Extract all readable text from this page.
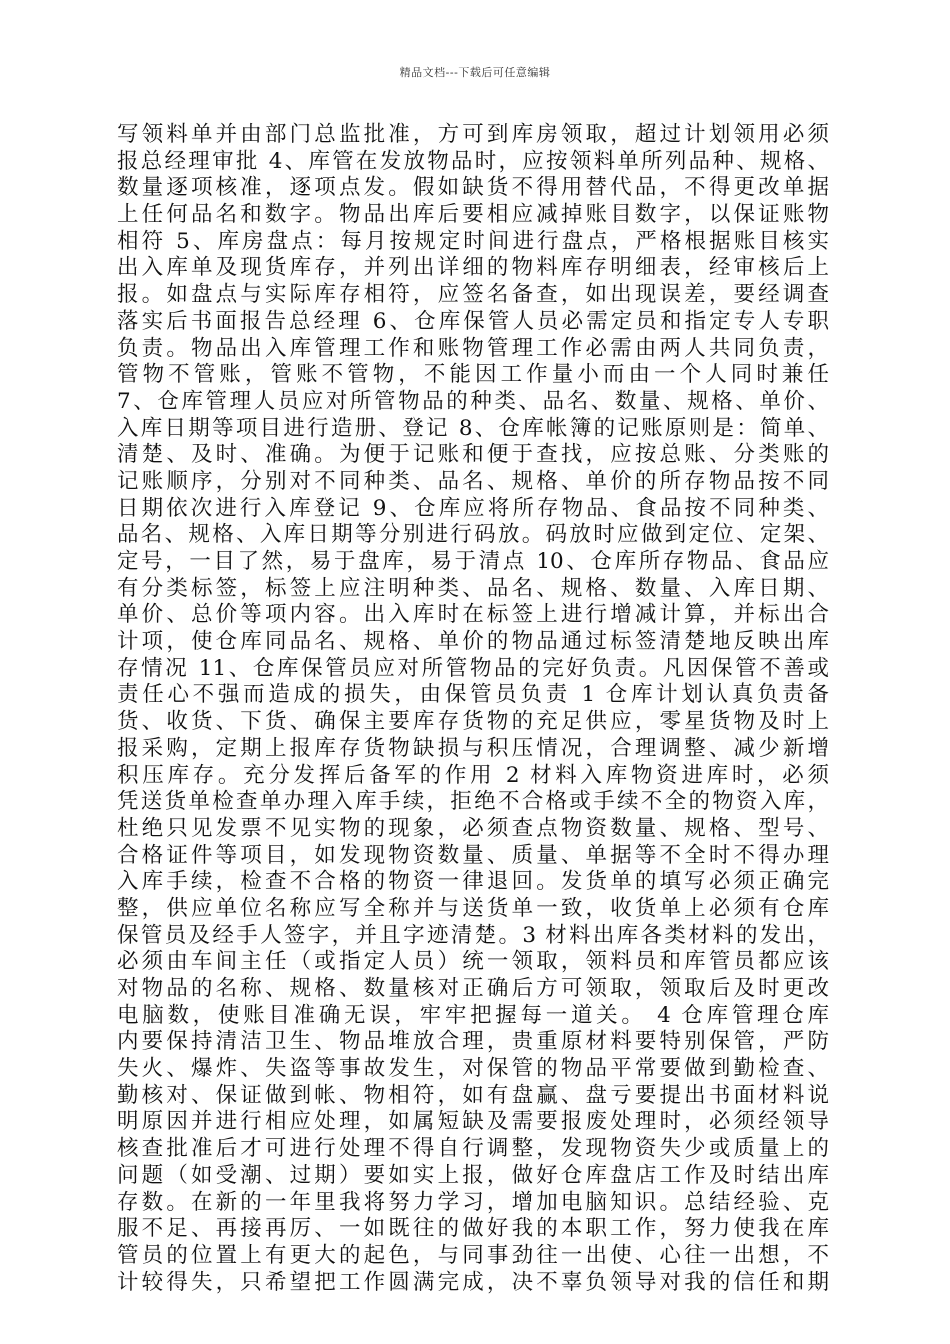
精品文档---下载后可任意编辑
写领料单并由部门总监批准，方可到库房领取，超过计划领用必须
报总经理审批 4、库管在发放物品时，应按领料单所列品种、规格、
数量逐项核准，逐项点发。假如缺货不得用替代品，不得更改单据
上任何品名和数字。物品出库后要相应减掉账目数字，以保证账物
相符 5、库房盘点：每月按规定时间进行盘点，严格根据账目核实
出入库单及现货库存，并列出详细的物料库存明细表，经审核后上
报。如盘点与实际库存相符，应签名备查，如出现误差，要经调查
落实后书面报告总经理 6、仓库保管人员必需定员和指定专人专职
负责。物品出入库管理工作和账物管理工作必需由两人共同负责，
管物不管账，管账不管物，不能因工作量小而由一个人同时兼任
7、仓库管理人员应对所管物品的种类、品名、数量、规格、单价、
入库日期等项目进行造册、登记 8、仓库帐簿的记账原则是：简单、
清楚、及时、准确。为便于记账和便于查找，应按总账、分类账的
记账顺序，分别对不同种类、品名、规格、单价的所存物品按不同
日期依次进行入库登记 9、仓库应将所存物品、食品按不同种类、
品名、规格、入库日期等分别进行码放。码放时应做到定位、定架、
定号，一目了然，易于盘库，易于清点 10、仓库所存物品、食品应
有分类标签，标签上应注明种类、品名、规格、数量、入库日期、
单价、总价等项内容。出入库时在标签上进行增减计算，并标出合
计项，使仓库同品名、规格、单价的物品通过标签清楚地反映出库
存情况 11、仓库保管员应对所管物品的完好负责。凡因保管不善或
责任心不强而造成的损失，由保管员负责 1 仓库计划认真负责备
货、收货、下货、确保主要库存货物的充足供应，零星货物及时上
报采购，定期上报库存货物缺损与积压情况，合理调整、减少新增
积压库存。充分发挥后备军的作用 2 材料入库物资进库时，必须
凭送货单检查单办理入库手续，拒绝不合格或手续不全的物资入库，
杜绝只见发票不见实物的现象，必须查点物资数量、规格、型号、
合格证件等项目，如发现物资数量、质量、单据等不全时不得办理
入库手续，检查不合格的物资一律退回。发货单的填写必须正确完
整，供应单位名称应写全称并与送货单一致，收货单上必须有仓库
保管员及经手人签字，并且字迹清楚。3 材料出库各类材料的发出，
必须由车间主任（或指定人员）统一领取，领料员和库管员都应该
对物品的名称、规格、数量核对正确后方可领取，领取后及时更改
电脑数，使账目准确无误，牢牢把握每一道关。 4 仓库管理仓库
内要保持清洁卫生、物品堆放合理，贵重原材料要特别保管，严防
失火、爆炸、失盗等事故发生，对保管的物品平常要做到勤检查、
勤核对、保证做到帐、物相符，如有盘赢、盘亏要提出书面材料说
明原因并进行相应处理，如属短缺及需要报废处理时，必须经领导
核查批准后才可进行处理不得自行调整，发现物资失少或质量上的
问题（如受潮、过期）要如实上报，做好仓库盘店工作及时结出库
存数。在新的一年里我将努力学习，增加电脑知识。总结经验、克
服不足、再接再厉、一如既往的做好我的本职工作，努力使我在库
管员的位置上有更大的起色，与同事劲往一出使、心往一出想，不
计较得失，只希望把工作圆满完成，决不辜负领导对我的信任和期
